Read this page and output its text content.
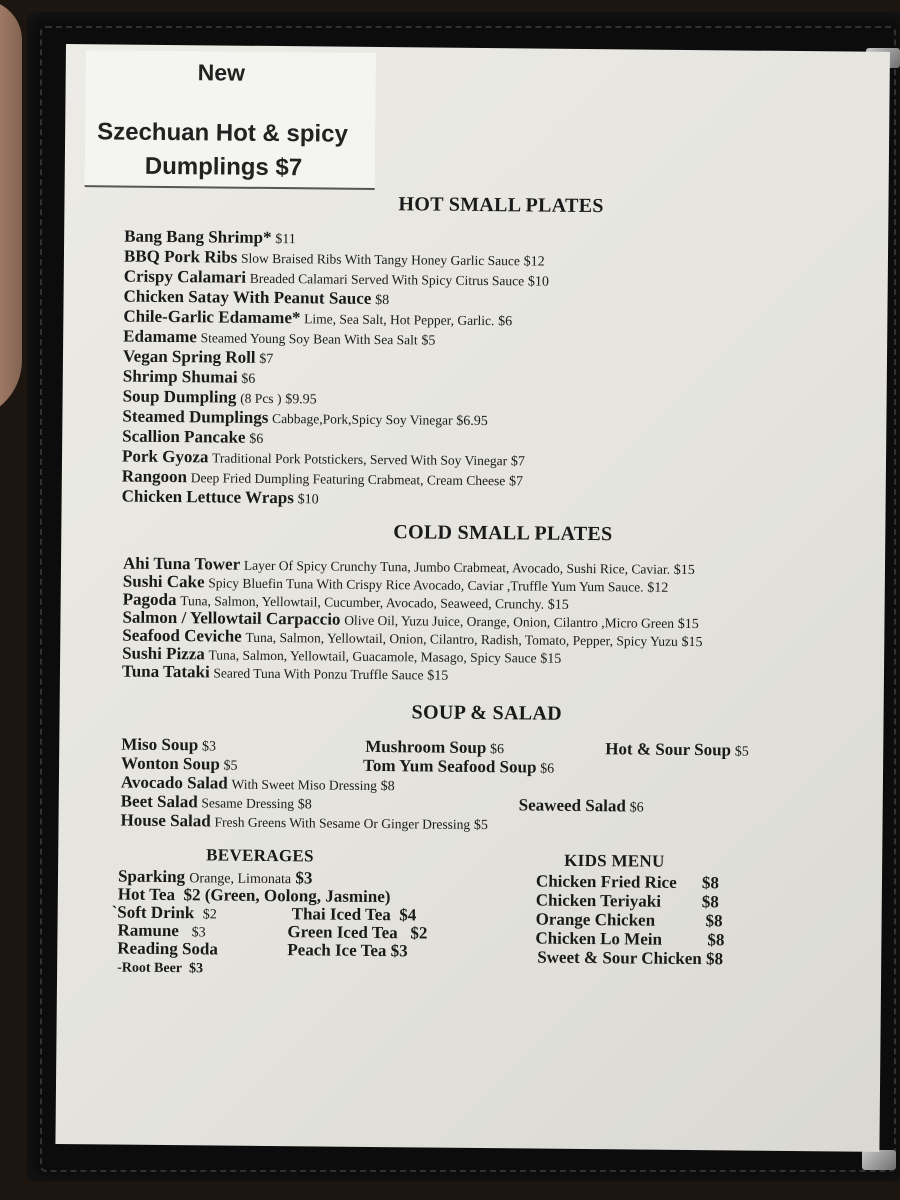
New
Szechuan Hot & spicy
Dumplings $7
HOT SMALL PLATES
Bang Bang Shrimp* $11
BBQ Pork Ribs Slow Braised Ribs With Tangy Honey Garlic Sauce $12
Crispy Calamari Breaded Calamari Served With Spicy Citrus Sauce $10
Chicken Satay With Peanut Sauce $8
Chile-Garlic Edamame* Lime, Sea Salt, Hot Pepper, Garlic. $6
Edamame Steamed Young Soy Bean With Sea Salt $5
Vegan Spring Roll $7
Shrimp Shumai $6
Soup Dumpling (8 Pcs ) $9.95
Steamed Dumplings Cabbage,Pork,Spicy Soy Vinegar $6.95
Scallion Pancake $6
Pork Gyoza Traditional Pork Potstickers, Served With Soy Vinegar $7
Rangoon Deep Fried Dumpling Featuring Crabmeat, Cream Cheese $7
Chicken Lettuce Wraps $10
COLD SMALL PLATES
Ahi Tuna Tower Layer Of Spicy Crunchy Tuna, Jumbo Crabmeat, Avocado, Sushi Rice, Caviar. $15
Sushi Cake Spicy Bluefin Tuna With Crispy Rice Avocado, Caviar ,Truffle Yum Yum Sauce. $12
Pagoda Tuna, Salmon, Yellowtail, Cucumber, Avocado, Seaweed, Crunchy. $15
Salmon / Yellowtail Carpaccio Olive Oil, Yuzu Juice, Orange, Onion, Cilantro ,Micro Green $15
Seafood Ceviche Tuna, Salmon, Yellowtail, Onion, Cilantro, Radish, Tomato, Pepper, Spicy Yuzu $15
Sushi Pizza Tuna, Salmon, Yellowtail, Guacamole, Masago, Spicy Sauce $15
Tuna Tataki Seared Tuna With Ponzu Truffle Sauce $15
SOUP & SALAD
Miso Soup $3	Mushroom Soup $6	Hot & Sour Soup $5
Wonton Soup $5	Tom Yum Seafood Soup $6
Avocado Salad With Sweet Miso Dressing $8
Beet Salad Sesame Dressing $8	Seaweed Salad $6
House Salad Fresh Greens With Sesame Or Ginger Dressing $5
BEVERAGES
Sparking Orange, Limonata $3
Hot Tea $2 (Green, Oolong, Jasmine)
`Soft Drink $2	Thai Iced Tea $4
Ramune $3	Green Iced Tea $2
Reading Soda	Peach Ice Tea $3
-Root Beer $3
KIDS MENU
Chicken Fried Rice $8
Chicken Teriyaki $8
Orange Chicken	$8
Chicken Lo Mein	$8
Sweet & Sour Chicken $8
